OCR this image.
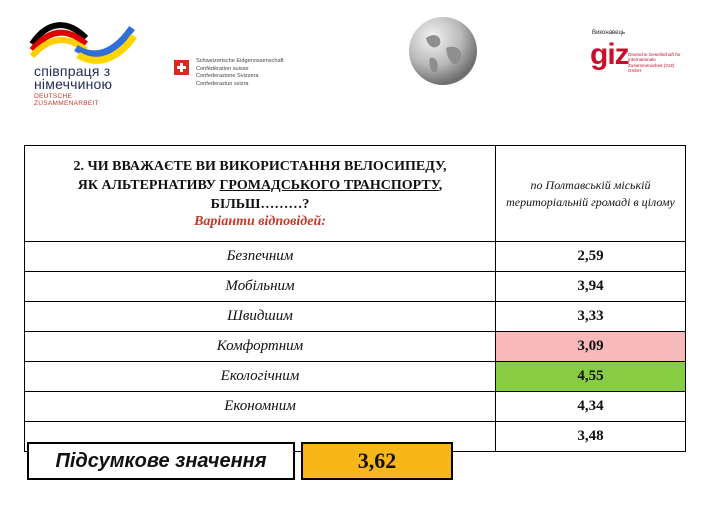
співпраця з
німеччиною
DEUTSCHE ZUSAMMENARBEIT
Schweizerische Eidgenossenschaft
Confédération suisse
Confederazione Svizzera
Confederaziun svizra
Виконавець
giz Deutsche Gesellschaft für Internationale Zusammenarbeit (GIZ) GmbH
2. ЧИ ВВАЖАЄТЕ ВИ ВИКОРИСТАННЯ ВЕЛОСИПЕДУ,
ЯК АЛЬТЕРНАТИВУ ГРОМАДСЬКОГО ТРАНСПОРТУ,
БІЛЬШ………?
Варіанти відповідей:	по Полтавській міській територіальній громаді в цілому
Безпечним	2,59
Мобільним	3,94
Швидшим	3,33
Комфортним	3,09
Екологічним	4,55
Економним	4,34
	3,48
Підсумкове значення	3,62
